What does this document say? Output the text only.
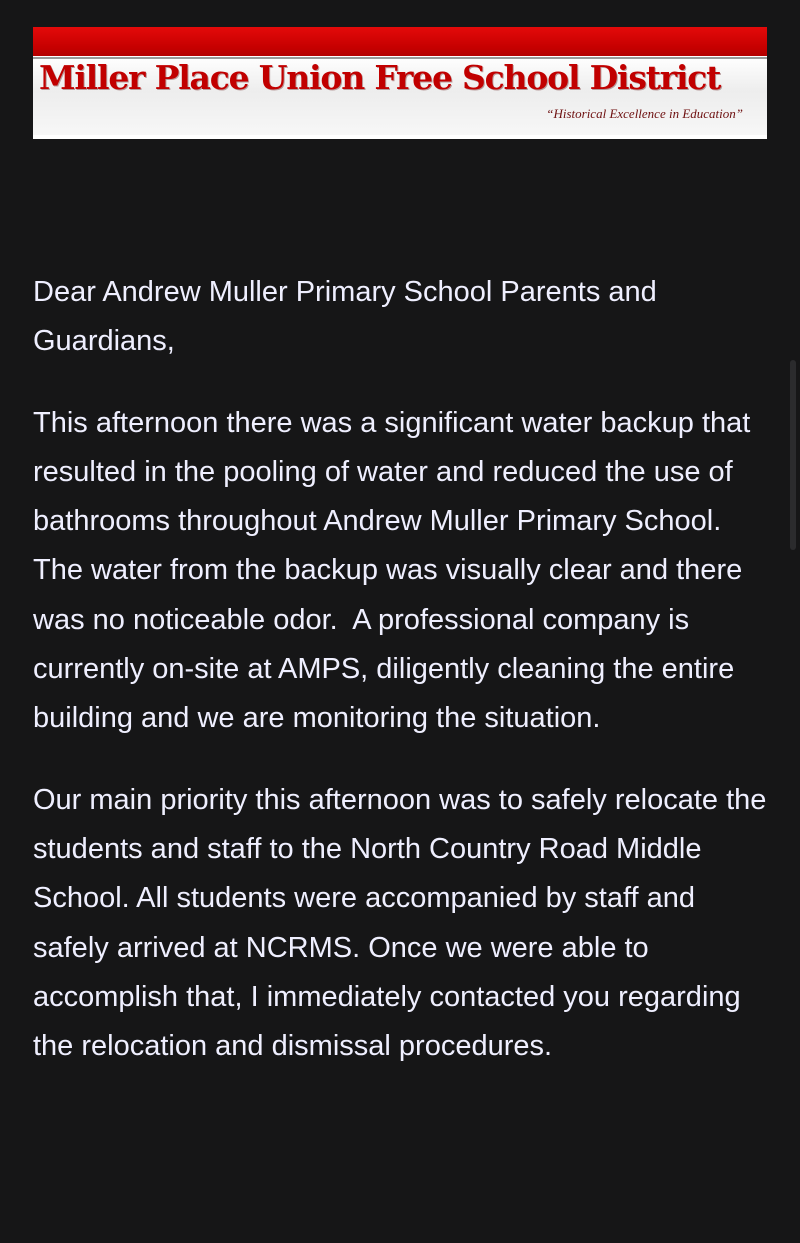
Miller Place Union Free School District
“Historical Excellence in Education”

Dear Andrew Muller Primary School Parents and Guardians,

This afternoon there was a significant water backup that resulted in the pooling of water and reduced the use of bathrooms throughout Andrew Muller Primary School. The water from the backup was visually clear and there was no noticeable odor.  A professional company is currently on-site at AMPS, diligently cleaning the entire building and we are monitoring the situation.

Our main priority this afternoon was to safely relocate the students and staff to the North Country Road Middle School. All students were accompanied by staff and safely arrived at NCRMS. Once we were able to accomplish that, I immediately contacted you regarding the relocation and dismissal procedures.
